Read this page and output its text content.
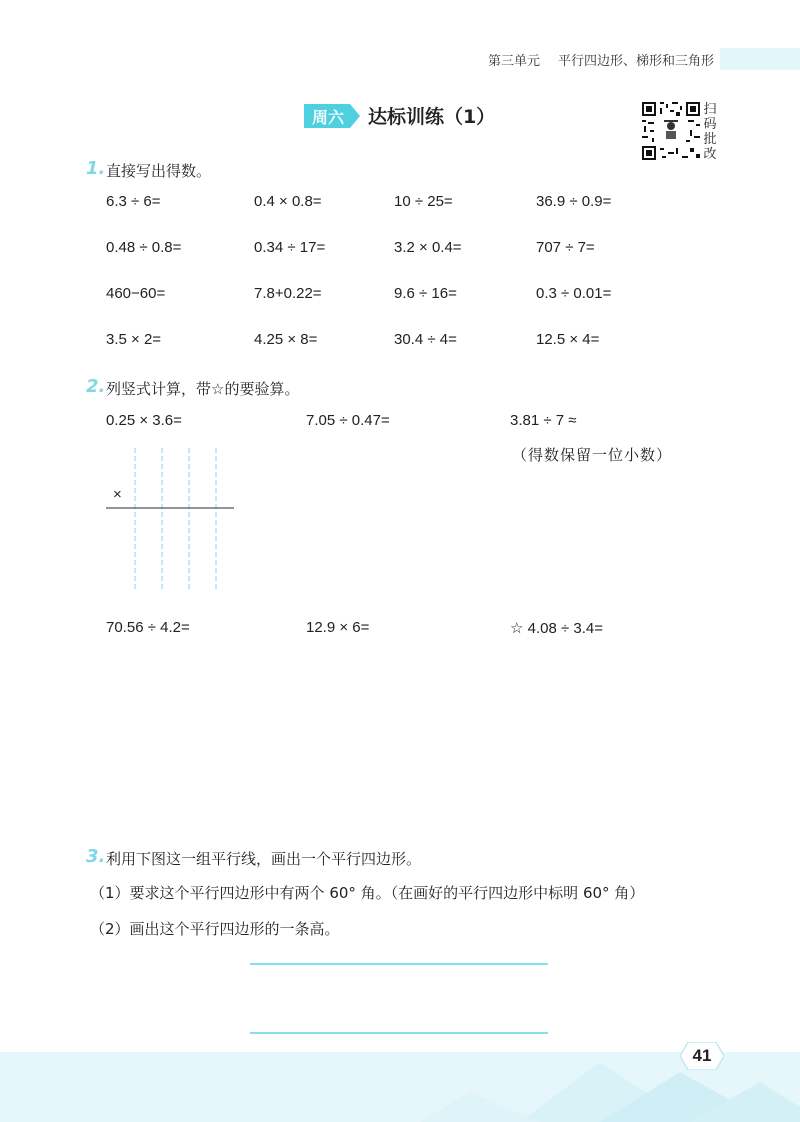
第三单元 平行四边形、梯形和三角形
周六 达标训练（1）	扫
码
批
改
1. 直接写出得数。
6.3 ÷ 6=	0.4 × 0.8=	10 ÷ 25=	36.9 ÷ 0.9=
0.48 ÷ 0.8=	0.34 ÷ 17=	3.2 × 0.4=	707 ÷ 7=
460−60=	7.8+0.22=	9.6 ÷ 16=	0.3 ÷ 0.01=
3.5 × 2=	4.25 × 8=	30.4 ÷ 4=	12.5 × 4=
2. 列竖式计算，带☆的要验算。
0.25 × 3.6=	7.05 ÷ 0.47=	3.81 ÷ 7 ≈
（得数保留一位小数）
×
70.56 ÷ 4.2=	12.9 × 6=	☆ 4.08 ÷ 3.4=
3. 利用下图这一组平行线，画出一个平行四边形。
（1）要求这个平行四边形中有两个 60° 角。（在画好的平行四边形中标明 60° 角）
（2）画出这个平行四边形的一条高。
41
